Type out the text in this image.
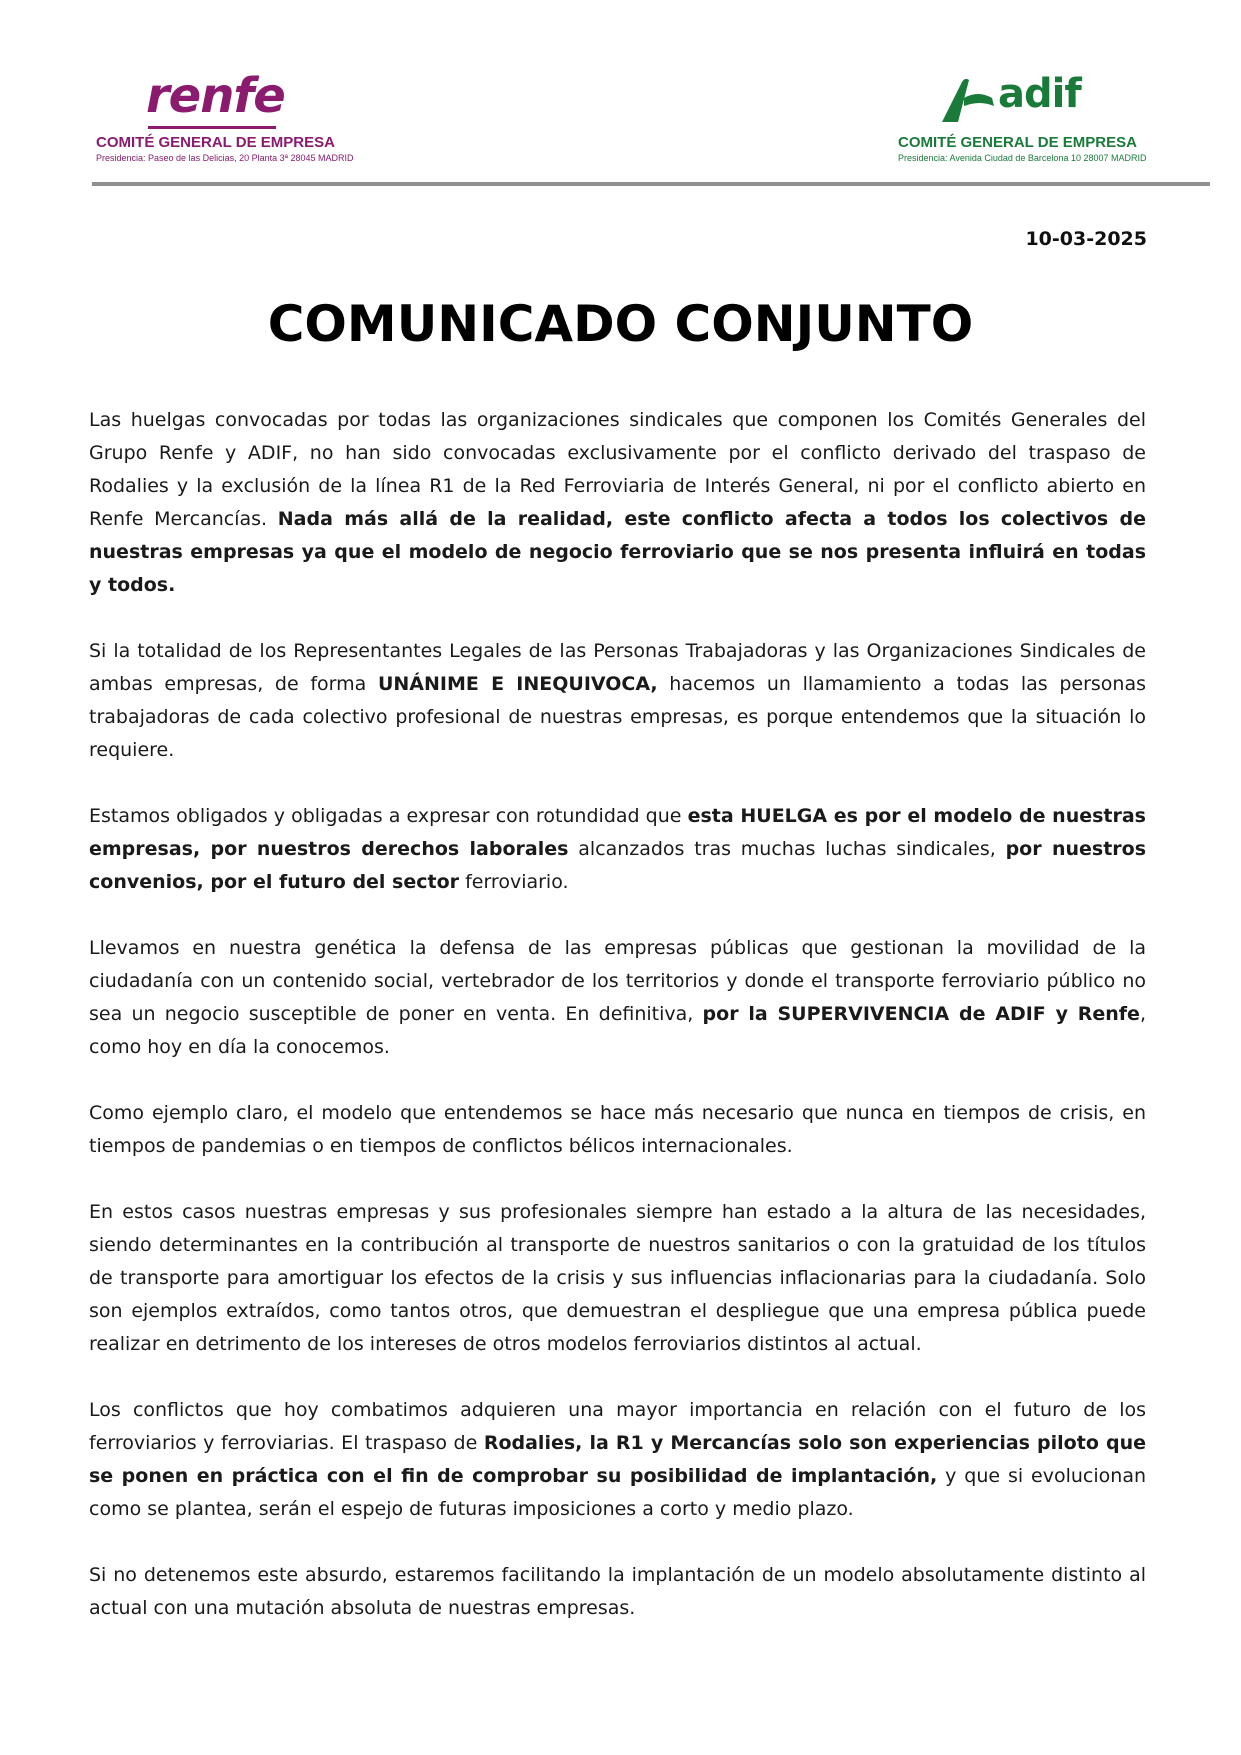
renfe
COMITÉ GENERAL DE EMPRESA
Presidencia: Paseo de las Delicias, 20 Planta 3ª 28045 MADRID
adif
COMITÉ GENERAL DE EMPRESA
Presidencia: Avenida Ciudad de Barcelona 10 28007 MADRID
10-03-2025
COMUNICADO CONJUNTO

Las huelgas convocadas por todas las organizaciones sindicales que componen los Comités Generales del Grupo Renfe y ADIF, no han sido convocadas exclusivamente por el conflicto derivado del traspaso de Rodalies y la exclusión de la línea R1 de la Red Ferroviaria de Interés General, ni por el conflicto abierto en Renfe Mercancías. Nada más allá de la realidad, este conflicto afecta a todos los colectivos de nuestras empresas ya que el modelo de negocio ferroviario que se nos presenta influirá en todas y todos.

Si la totalidad de los Representantes Legales de las Personas Trabajadoras y las Organizaciones Sindicales de ambas empresas, de forma UNÁNIME E INEQUIVOCA, hacemos un llamamiento a todas las personas trabajadoras de cada colectivo profesional de nuestras empresas, es porque entendemos que la situación lo requiere.

Estamos obligados y obligadas a expresar con rotundidad que esta HUELGA es por el modelo de nuestras empresas, por nuestros derechos laborales alcanzados tras muchas luchas sindicales, por nuestros convenios, por el futuro del sector ferroviario.

Llevamos en nuestra genética la defensa de las empresas públicas que gestionan la movilidad de la ciudadanía con un contenido social, vertebrador de los territorios y donde el transporte ferroviario público no sea un negocio susceptible de poner en venta. En definitiva, por la SUPERVIVENCIA de ADIF y Renfe, como hoy en día la conocemos.

Como ejemplo claro, el modelo que entendemos se hace más necesario que nunca en tiempos de crisis, en tiempos de pandemias o en tiempos de conflictos bélicos internacionales.

En estos casos nuestras empresas y sus profesionales siempre han estado a la altura de las necesidades, siendo determinantes en la contribución al transporte de nuestros sanitarios o con la gratuidad de los títulos de transporte para amortiguar los efectos de la crisis y sus influencias inflacionarias para la ciudadanía. Solo son ejemplos extraídos, como tantos otros, que demuestran el despliegue que una empresa pública puede realizar en detrimento de los intereses de otros modelos ferroviarios distintos al actual.

Los conflictos que hoy combatimos adquieren una mayor importancia en relación con el futuro de los ferroviarios y ferroviarias. El traspaso de Rodalies, la R1 y Mercancías solo son experiencias piloto que se ponen en práctica con el fin de comprobar su posibilidad de implantación, y que si evolucionan como se plantea, serán el espejo de futuras imposiciones a corto y medio plazo.

Si no detenemos este absurdo, estaremos facilitando la implantación de un modelo absolutamente distinto al actual con una mutación absoluta de nuestras empresas.
